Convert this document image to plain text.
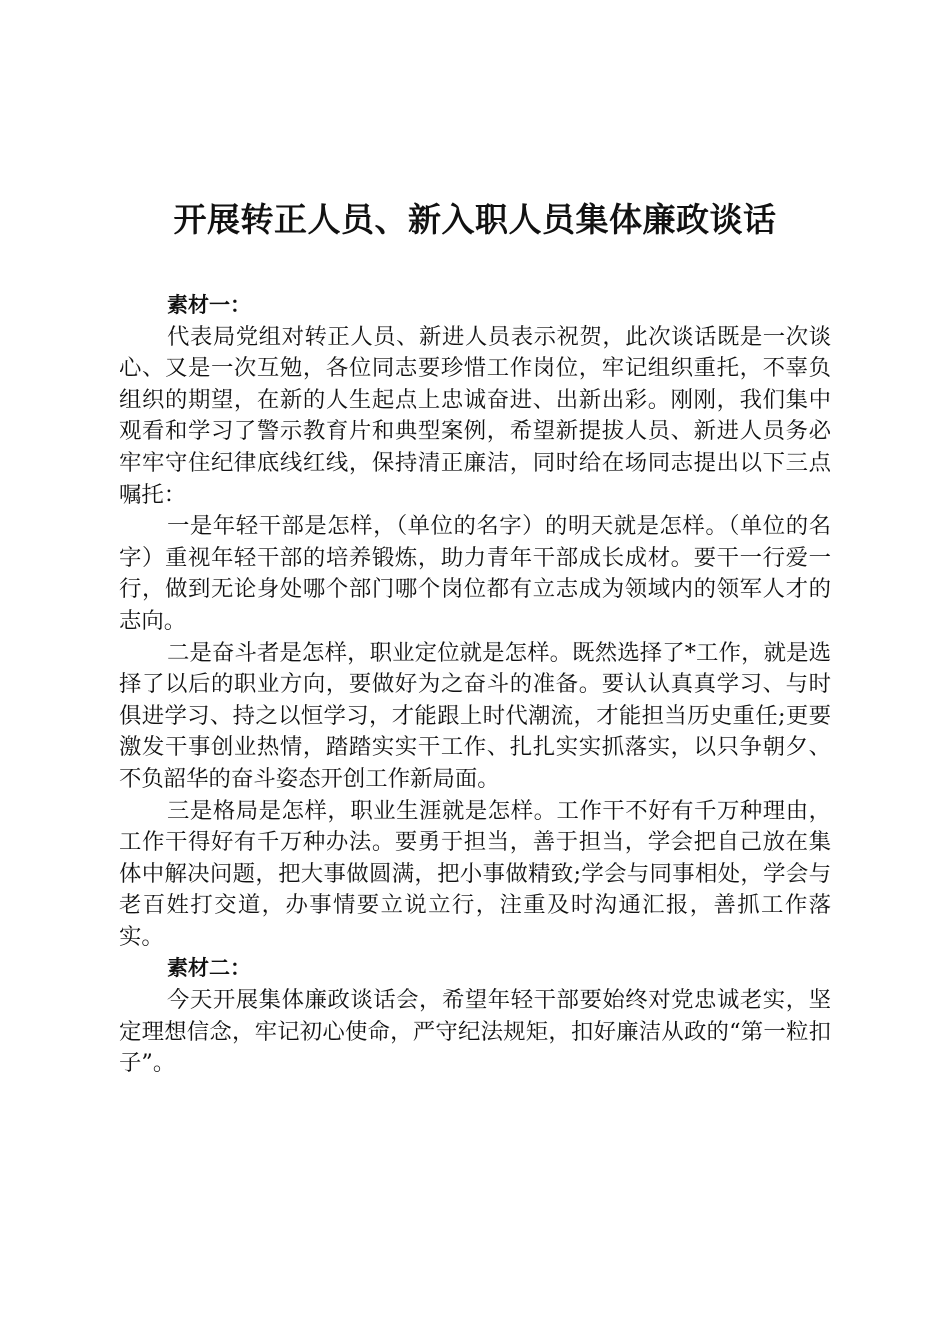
开展转正人员、新入职人员集体廉政谈话

素材一：

代表局党组对转正人员、新进人员表示祝贺，此次谈话既是一次谈心、又是一次互勉，各位同志要珍惜工作岗位，牢记组织重托，不辜负组织的期望，在新的人生起点上忠诚奋进、出新出彩。刚刚，我们集中观看和学习了警示教育片和典型案例，希望新提拔人员、新进人员务必牢牢守住纪律底线红线，保持清正廉洁，同时给在场同志提出以下三点嘱托：

一是年轻干部是怎样，（单位的名字）的明天就是怎样。（单位的名字）重视年轻干部的培养锻炼，助力青年干部成长成材。要干一行爱一行，做到无论身处哪个部门哪个岗位都有立志成为领域内的领军人才的志向。

二是奋斗者是怎样，职业定位就是怎样。既然选择了*工作，就是选择了以后的职业方向，要做好为之奋斗的准备。要认认真真学习、与时俱进学习、持之以恒学习，才能跟上时代潮流，才能担当历史重任;更要激发干事创业热情，踏踏实实干工作、扎扎实实抓落实，以只争朝夕、不负韶华的奋斗姿态开创工作新局面。

三是格局是怎样，职业生涯就是怎样。工作干不好有千万种理由，工作干得好有千万种办法。要勇于担当，善于担当，学会把自己放在集体中解决问题，把大事做圆满，把小事做精致;学会与同事相处，学会与老百姓打交道，办事情要立说立行，注重及时沟通汇报，善抓工作落实。

素材二：

今天开展集体廉政谈话会，希望年轻干部要始终对党忠诚老实，坚定理想信念，牢记初心使命，严守纪法规矩，扣好廉洁从政的“第一粒扣子”。
